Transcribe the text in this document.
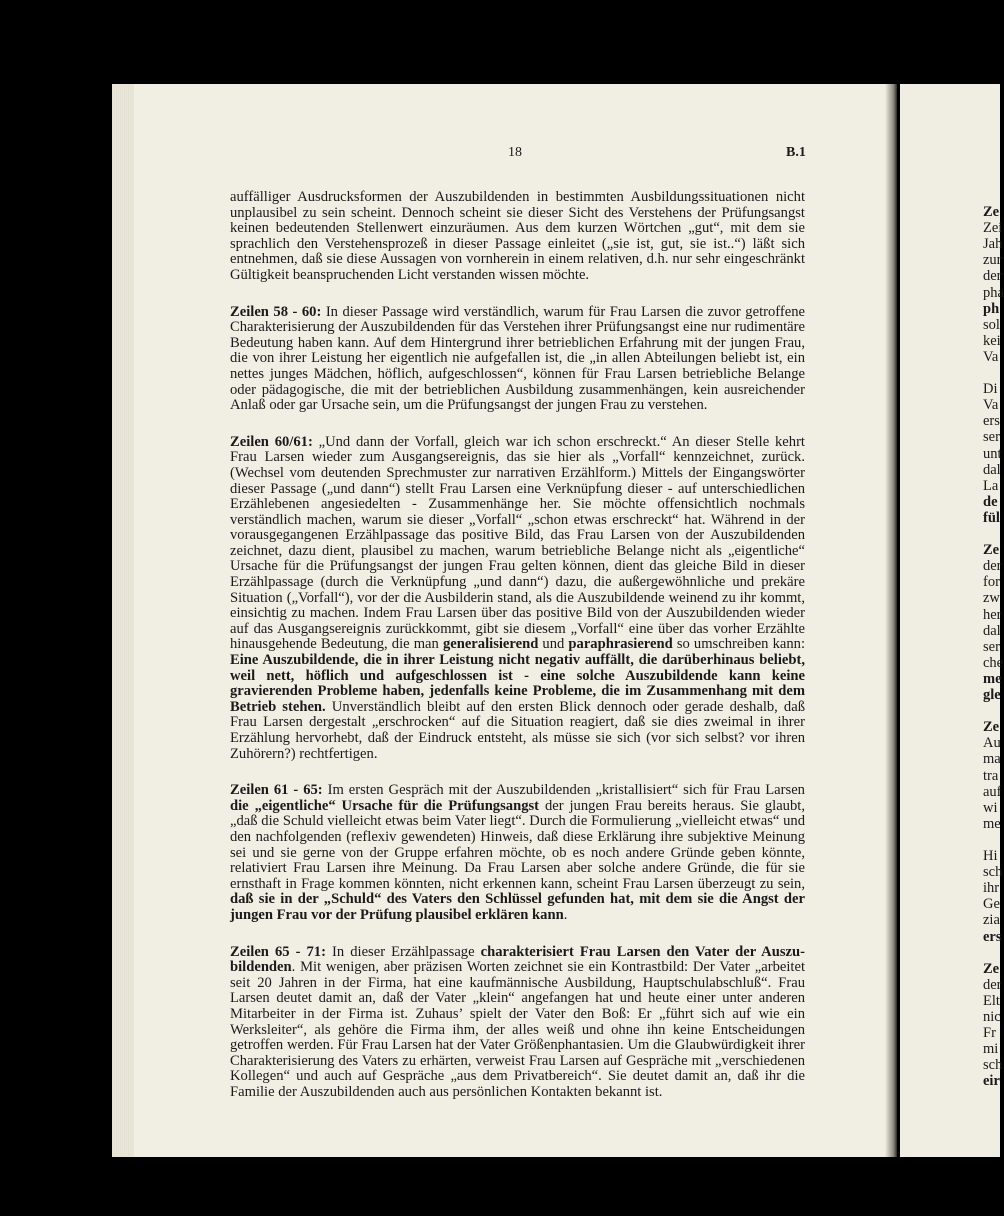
Ze
Zei
Jah
zur
der
pha
ph
sol
kei
Va
Di
Va
ers
ser
unt
dal
La
de
fül
Ze
der
for
zw
her
dal
ser
che
me
gle
Ze
Au
ma
tra
auf
wi
me
Hi
sch
ihr
Ge
zia
ers
Ze
der
Elt
nic
Fr
mi
sch
eir
18	B.1

auffälliger Ausdrucksformen der Auszubildenden in bestimmten Ausbildungssituationen nicht unplausibel zu sein scheint. Dennoch scheint sie dieser Sicht des Verstehens der Prüfungsangst keinen bedeutenden Stellenwert einzuräumen. Aus dem kurzen Wörtchen „gut“, mit dem sie sprachlich den Verstehensprozeß in dieser Passage einleitet („sie ist, gut, sie ist..“) läßt sich entnehmen, daß sie diese Aussagen von vornherein in einem relativen, d.h. nur sehr eingeschränkt Gültigkeit beanspruchenden Licht verstanden wissen möchte.

Zeilen 58 - 60: In dieser Passage wird verständlich, warum für Frau Larsen die zuvor getroffene Charakterisierung der Auszubildenden für das Verstehen ihrer Prüfungsangst eine nur rudimentäre Bedeutung haben kann. Auf dem Hintergrund ihrer betrieblichen Erfahrung mit der jungen Frau, die von ihrer Leistung her eigentlich nie aufgefallen ist, die „in allen Abteilungen beliebt ist, ein nettes junges Mädchen, höflich, aufgeschlossen“, können für Frau Larsen betriebliche Belange oder pädagogische, die mit der betrieblichen Ausbildung zusammenhängen, kein ausreichender Anlaß oder gar Ursache sein, um die Prüfungsangst der jungen Frau zu verstehen.

Zeilen 60/61: „Und dann der Vorfall, gleich war ich schon erschreckt.“ An dieser Stelle kehrt Frau Larsen wieder zum Ausgangsereignis, das sie hier als „Vorfall“ kennzeichnet, zurück. (Wechsel vom deutenden Sprechmuster zur narrativen Erzählform.) Mittels der Eingangswörter dieser Passage („und dann“) stellt Frau Larsen eine Verknüpfung dieser - auf unterschiedlichen Erzählebenen angesiedelten - Zusammenhänge her. Sie möchte offensichtlich nochmals verständlich machen, warum sie dieser „Vorfall“ „schon etwas erschreckt“ hat. Während in der vorausgegangenen Erzählpassage das positive Bild, das Frau Larsen von der Auszubildenden zeichnet, dazu dient, plausibel zu machen, warum betriebliche Belange nicht als „eigentliche“ Ursache für die Prüfungsangst der jungen Frau gelten können, dient das gleiche Bild in dieser Erzählpassage (durch die Verknüpfung „und dann“) dazu, die außergewöhnliche und prekäre Situation („Vorfall“), vor der die Ausbilderin stand, als die Auszubildende weinend zu ihr kommt, einsichtig zu machen. Indem Frau Larsen über das positive Bild von der Auszubildenden wieder auf das Ausgangsereignis zurückkommt, gibt sie diesem „Vorfall“ eine über das vorher Erzählte hinausgehende Bedeutung, die man generalisierend und paraphrasierend so umschreiben kann: Eine Auszubildende, die in ihrer Leistung nicht negativ auffällt, die darüberhinaus beliebt, weil nett, höflich und aufgeschlossen ist - eine solche Auszubildende kann keine gravierenden Probleme haben, jedenfalls keine Probleme, die im Zusammenhang mit dem Betrieb stehen. Unverständlich bleibt auf den ersten Blick dennoch oder gerade deshalb, daß Frau Larsen dergestalt „erschrocken“ auf die Situation reagiert, daß sie dies zweimal in ihrer Erzählung hervorhebt, daß der Eindruck entsteht, als müsse sie sich (vor sich selbst? vor ihren Zuhörern?) rechtfertigen.

Zeilen 61 - 65: Im ersten Gespräch mit der Auszubildenden „kristallisiert“ sich für Frau Larsen die „eigentliche“ Ursache für die Prüfungsangst der jungen Frau bereits heraus. Sie glaubt, „daß die Schuld vielleicht etwas beim Vater liegt“. Durch die Formulierung „vielleicht etwas“ und den nachfolgenden (reflexiv gewendeten) Hinweis, daß diese Erklärung ihre subjektive Meinung sei und sie gerne von der Gruppe erfahren möchte, ob es noch andere Gründe geben könnte, relativiert Frau Larsen ihre Meinung. Da Frau Larsen aber solche andere Gründe, die für sie ernsthaft in Frage kommen könnten, nicht erkennen kann, scheint Frau Larsen überzeugt zu sein, daß sie in der „Schuld“ des Vaters den Schlüssel gefunden hat, mit dem sie die Angst der jungen Frau vor der Prüfung plausibel erklären kann.

Zeilen 65 - 71: In dieser Erzählpassage charakterisiert Frau Larsen den Vater der Auszubildenden. Mit wenigen, aber präzisen Worten zeichnet sie ein Kontrastbild: Der Vater „arbeitet seit 20 Jahren in der Firma, hat eine kaufmännische Ausbildung, Hauptschulabschluß“. Frau Larsen deutet damit an, daß der Vater „klein“ angefangen hat und heute einer unter anderen Mitarbeiter in der Firma ist. Zuhaus’ spielt der Vater den Boß: Er „führt sich auf wie ein Werksleiter“, als gehöre die Firma ihm, der alles weiß und ohne ihn keine Entscheidungen getroffen werden. Für Frau Larsen hat der Vater Größenphantasien. Um die Glaubwürdigkeit ihrer Charakterisierung des Vaters zu erhärten, verweist Frau Larsen auf Gespräche mit „verschiedenen Kollegen“ und auch auf Gespräche „aus dem Privatbereich“. Sie deutet damit an, daß ihr die Familie der Auszubildenden auch aus persönlichen Kontakten bekannt ist.
